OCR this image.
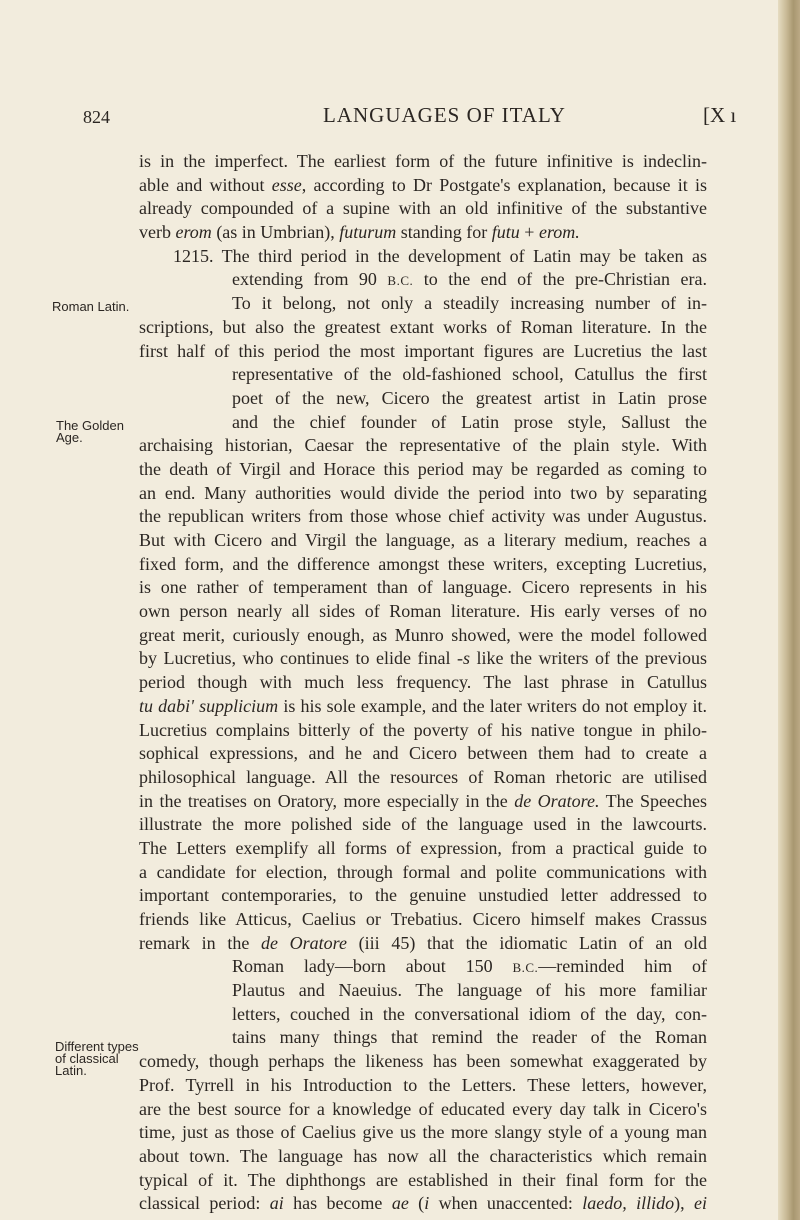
824	LANGUAGES OF ITALY	[X ı
Roman Latin.
The Golden
Age.
Different types
of classical
Latin.
is in the imperfect. The earliest form of the future infinitive is indeclin-
able and without esse, according to Dr Postgate's explanation, because it is
already compounded of a supine with an old infinitive of the substantive
verb erom (as in Umbrian), futurum standing for futu + erom.
1215. The third period in the development of Latin may be taken as
extending from 90 B.C. to the end of the pre-Christian era.
To it belong, not only a steadily increasing number of in-
scriptions, but also the greatest extant works of Roman literature. In the
first half of this period the most important figures are Lucretius the last
representative of the old-fashioned school, Catullus the first
poet of the new, Cicero the greatest artist in Latin prose
and the chief founder of Latin prose style, Sallust the
archaising historian, Caesar the representative of the plain style. With
the death of Virgil and Horace this period may be regarded as coming to
an end. Many authorities would divide the period into two by separating
the republican writers from those whose chief activity was under Augustus.
But with Cicero and Virgil the language, as a literary medium, reaches a
fixed form, and the difference amongst these writers, excepting Lucretius,
is one rather of temperament than of language. Cicero represents in his
own person nearly all sides of Roman literature. His early verses of no
great merit, curiously enough, as Munro showed, were the model followed
by Lucretius, who continues to elide final -s like the writers of the previous
period though with much less frequency. The last phrase in Catullus
tu dabi' supplicium is his sole example, and the later writers do not employ it.
Lucretius complains bitterly of the poverty of his native tongue in philo-
sophical expressions, and he and Cicero between them had to create a
philosophical language. All the resources of Roman rhetoric are utilised
in the treatises on Oratory, more especially in the de Oratore. The Speeches
illustrate the more polished side of the language used in the lawcourts.
The Letters exemplify all forms of expression, from a practical guide to
a candidate for election, through formal and polite communications with
important contemporaries, to the genuine unstudied letter addressed to
friends like Atticus, Caelius or Trebatius. Cicero himself makes Crassus
remark in the de Oratore (iii 45) that the idiomatic Latin of an old
Roman lady—born about 150 B.C.—reminded him of
Plautus and Naeuius. The language of his more familiar
letters, couched in the conversational idiom of the day, con-
tains many things that remind the reader of the Roman
comedy, though perhaps the likeness has been somewhat exaggerated by
Prof. Tyrrell in his Introduction to the Letters. These letters, however,
are the best source for a knowledge of educated every day talk in Cicero's
time, just as those of Caelius give us the more slangy style of a young man
about town. The language has now all the characteristics which remain
typical of it. The diphthongs are established in their final form for the
classical period: ai has become ae (i when unaccented: laedo, illido), ei
